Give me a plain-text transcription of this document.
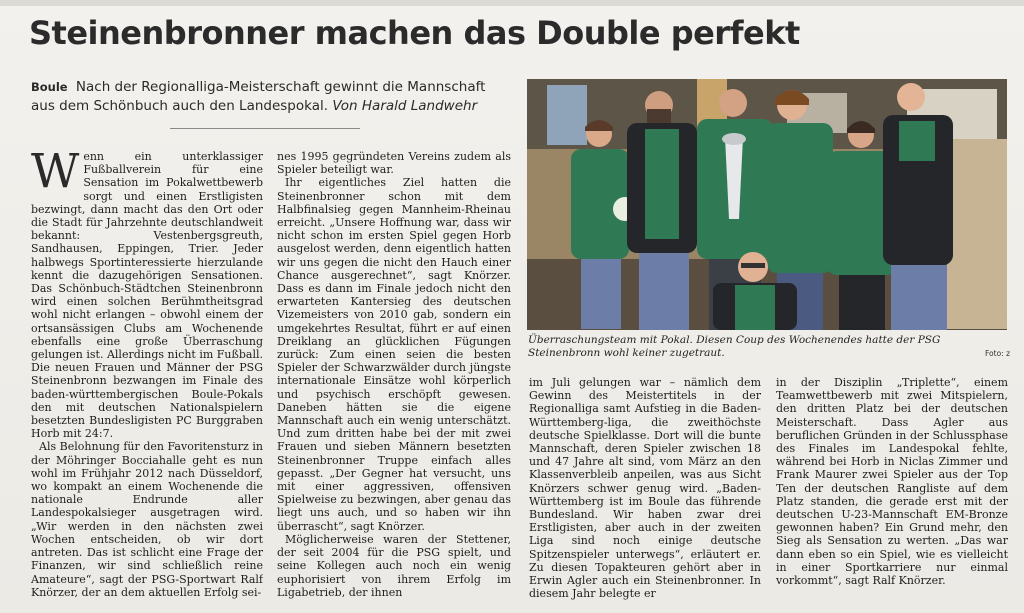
Steinenbronner machen das Double perfekt
Boule Nach der Regionalliga-Meisterschaft gewinnt die Mannschaft aus dem Schönbuch auch den Landespokal. Von Harald Landwehr

Wenn ein unterklassiger Fußballverein für eine Sensation im Pokalwettbewerb sorgt und einen Erstligisten bezwingt, dann macht das den Ort oder die Stadt für Jahrzehnte deutschlandweit bekannt: Vestenbergsgreuth, Sandhausen, Eppingen, Trier. Jeder halbwegs Sportinteressierte hierzulande kennt die dazugehörigen Sensationen. Das Schönbuch-Städtchen Steinenbronn wird einen solchen Berühmtheitsgrad wohl nicht erlangen – obwohl einem der ortsansässigen Clubs am Wochenende ebenfalls eine große Überraschung gelungen ist. Allerdings nicht im Fußball. Die neuen Frauen und Männer der PSG Steinenbronn bezwangen im Finale des baden-württembergischen Boule-Pokals den mit deutschen Nationalspielern besetzten Bundesligisten PC Burggraben Horb mit 24:7.

Als Belohnung für den Favoritensturz in der Möhringer Bocciahalle geht es nun wohl im Frühjahr 2012 nach Düsseldorf, wo kompakt an einem Wochenende die nationale Endrunde aller Landespokalsieger ausgetragen wird. „Wir werden in den nächsten zwei Wochen entscheiden, ob wir dort antreten. Das ist schlicht eine Frage der Finanzen, wir sind schließlich reine Amateure“, sagt der PSG-Sportwart Ralf Knörzer, der an dem aktuellen Erfolg sei-

nes 1995 gegründeten Vereins zudem als Spieler beteiligt war.

Ihr eigentliches Ziel hatten die Steinenbronner schon mit dem Halbfinalsieg gegen Mannheim-Rheinau erreicht. „Unsere Hoffnung war, dass wir nicht schon im ersten Spiel gegen Horb ausgelost werden, denn eigentlich hatten wir uns gegen die nicht den Hauch einer Chance ausgerechnet“, sagt Knörzer. Dass es dann im Finale jedoch nicht den erwarteten Kantersieg des deutschen Vizemeisters von 2010 gab, sondern ein umgekehrtes Resultat, führt er auf einen Dreiklang an glücklichen Fügungen zurück: Zum einen seien die besten Spieler der Schwarzwälder durch jüngste internationale Einsätze wohl körperlich und psychisch erschöpft gewesen. Daneben hätten sie die eigene Mannschaft auch ein wenig unterschätzt. Und zum dritten habe bei der mit zwei Frauen und sieben Männern besetzten Steinenbronner Truppe einfach alles gepasst. „Der Gegner hat versucht, uns mit einer aggressiven, offensiven Spielweise zu bezwingen, aber genau das liegt uns auch, und so haben wir ihn überrascht“, sagt Knörzer.

Möglicherweise waren der Stettener, der seit 2004 für die PSG spielt, und seine Kollegen auch noch ein wenig euphorisiert von ihrem Erfolg im Ligabetrieb, der ihnen

Überraschungsteam mit Pokal. Diesen Coup des Wochenendes hatte der PSG Steinenbronn wohl keiner zugetraut.	Foto: z

im Juli gelungen war – nämlich dem Gewinn des Meistertitels in der Regionalliga samt Aufstieg in die Baden-Württemberg-liga, die zweithöchste deutsche Spielklasse. Dort will die bunte Mannschaft, deren Spieler zwischen 18 und 47 Jahre alt sind, vom März an den Klassenverbleib anpeilen, was aus Sicht Knörzers schwer genug wird. „Baden-Württemberg ist im Boule das führende Bundesland. Wir haben zwar drei Erstligisten, aber auch in der zweiten Liga sind noch einige deutsche Spitzenspieler unterwegs“, erläutert er. Zu diesen Topakteuren gehört aber in Erwin Agler auch ein Steinenbronner. In diesem Jahr belegte er

in der Disziplin „Triplette“, einem Teamwettbewerb mit zwei Mitspielern, den dritten Platz bei der deutschen Meisterschaft. Dass Agler aus beruflichen Gründen in der Schlussphase des Finales im Landespokal fehlte, während bei Horb in Niclas Zimmer und Frank Maurer zwei Spieler aus der Top Ten der deutschen Rangliste auf dem Platz standen, die gerade erst mit der deutschen U-23-Mannschaft EM-Bronze gewonnen haben? Ein Grund mehr, den Sieg als Sensation zu werten. „Das war dann eben so ein Spiel, wie es vielleicht in einer Sportkarriere nur einmal vorkommt“, sagt Ralf Knörzer.
